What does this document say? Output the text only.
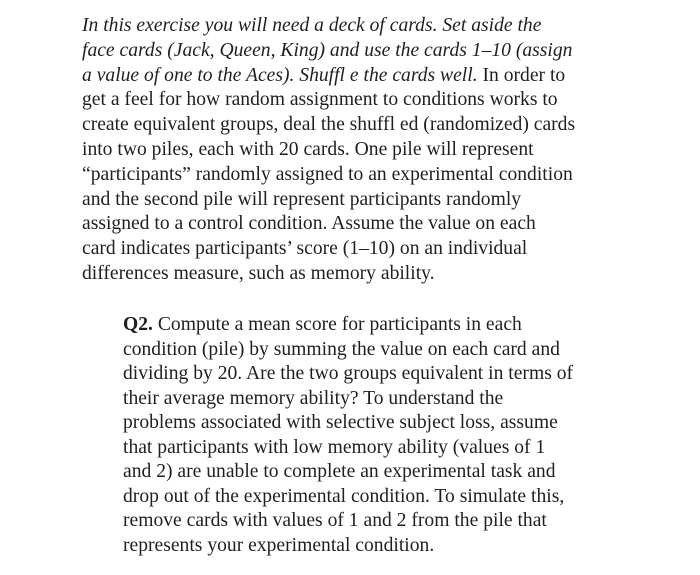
In this exercise you will need a deck of cards. Set aside the
face cards (Jack, Queen, King) and use the cards 1–10 (assign
a value of one to the Aces). Shuffl e the cards well. In order to
get a feel for how random assignment to conditions works to
create equivalent groups, deal the shuffl ed (randomized) cards
into two piles, each with 20 cards. One pile will represent
“participants” randomly assigned to an experimental condition
and the second pile will represent participants randomly
assigned to a control condition. Assume the value on each
card indicates participants’ score (1–10) on an individual
differences measure, such as memory ability.

Q2. Compute a mean score for participants in each
condition (pile) by summing the value on each card and
dividing by 20. Are the two groups equivalent in terms of
their average memory ability? To understand the
problems associated with selective subject loss, assume
that participants with low memory ability (values of 1
and 2) are unable to complete an experimental task and
drop out of the experimental condition. To simulate this,
remove cards with values of 1 and 2 from the pile that
represents your experimental condition.
